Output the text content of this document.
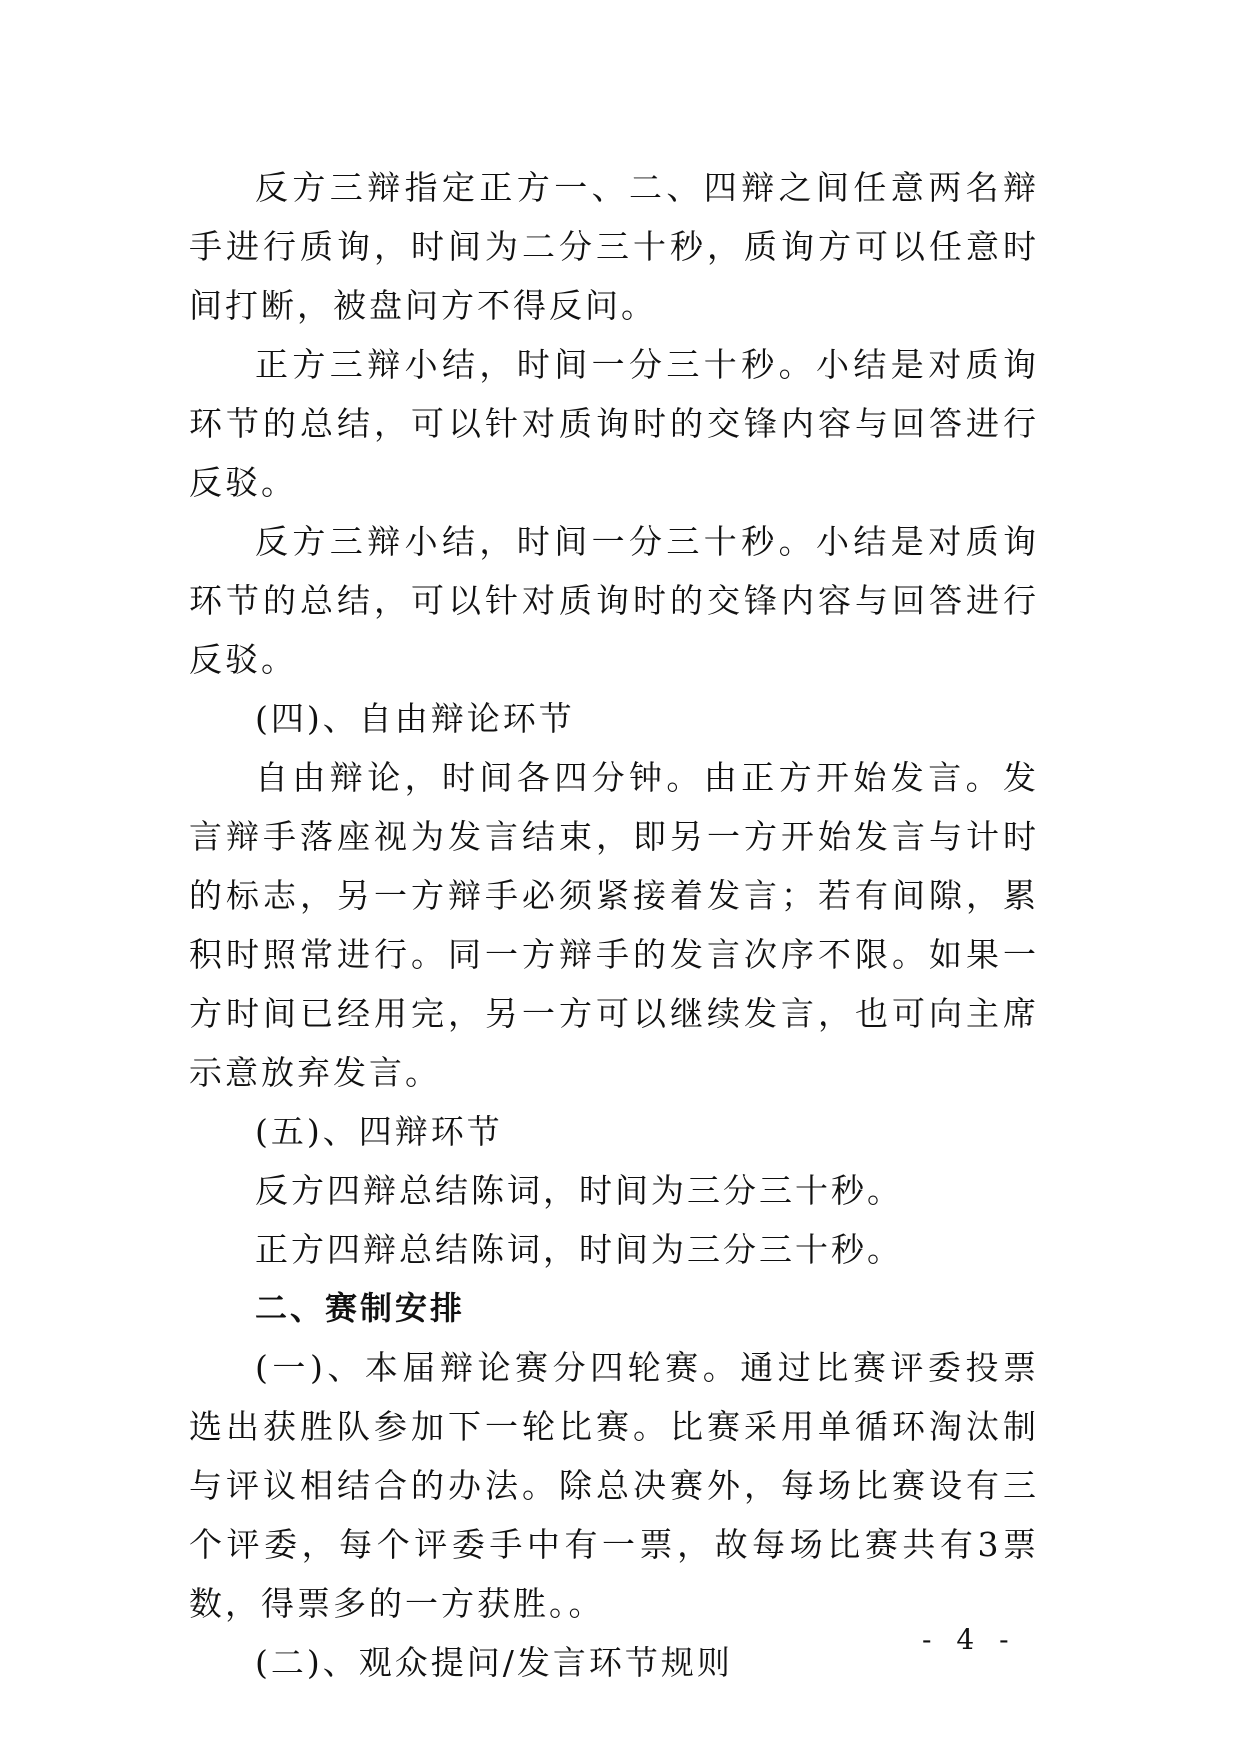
反方三辩指定正方一、二、四辩之间任意两名辩手进行质询，时间为二分三十秒，质询方可以任意时间打断，被盘问方不得反问。

正方三辩小结，时间一分三十秒。小结是对质询环节的总结，可以针对质询时的交锋内容与回答进行反驳。

反方三辩小结，时间一分三十秒。小结是对质询环节的总结，可以针对质询时的交锋内容与回答进行反驳。

(四)、自由辩论环节

自由辩论，时间各四分钟。由正方开始发言。发言辩手落座视为发言结束，即另一方开始发言与计时的标志，另一方辩手必须紧接着发言；若有间隙，累积时照常进行。同一方辩手的发言次序不限。如果一方时间已经用完，另一方可以继续发言，也可向主席示意放弃发言。

(五)、四辩环节

反方四辩总结陈词，时间为三分三十秒。

正方四辩总结陈词，时间为三分三十秒。

二、赛制安排

(一)、本届辩论赛分四轮赛。通过比赛评委投票选出获胜队参加下一轮比赛。比赛采用单循环淘汰制与评议相结合的办法。除总决赛外，每场比赛设有三个评委，每个评委手中有一票，故每场比赛共有3票数，得票多的一方获胜。。

(二)、观众提问/发言环节规则

- 4 -
